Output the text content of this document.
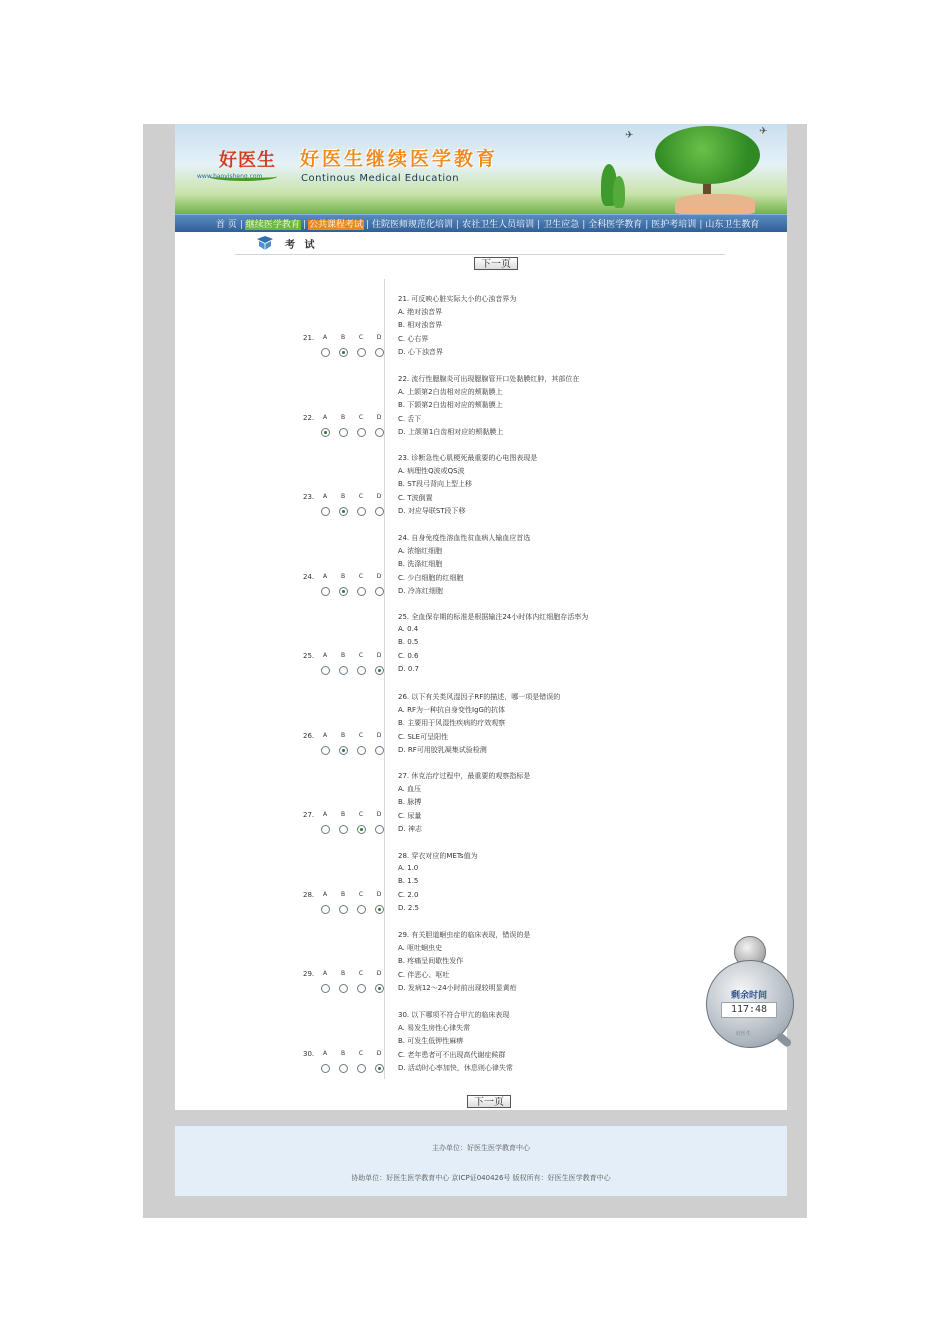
好医生
www.haoyisheng.com
好医生继续医学教育
Continous Medical Education
✈	✈
首 页 | 继续医学教育 | 公共课程考试 | 住院医师规范化培训 | 农社卫生人员培训 | 卫生应急 | 全科医学教育 | 医护考培训 | 山东卫生教育
考 试
下一页
21. 可反映心脏实际大小的心浊音界为
A. 绝对浊音界
B. 相对浊音界
C. 心右界
D. 心下浊音界
21.	A	B	C	D
22. 流行性腮腺炎可出现腮腺管开口处黏膜红肿，其部位在
A. 上颌第2白齿相对应的颊黏膜上
B. 下颌第2白齿相对应的颊黏膜上
C. 舌下
D. 上颌第1白齿相对应的颊黏膜上
22.	A	B	C	D
23. 诊断急性心肌梗死最重要的心电图表现是
A. 病理性Q波或QS波
B. ST段弓背向上型上移
C. T波倒置
D. 对应导联ST段下移
23.	A	B	C	D
24. 自身免疫性溶血性贫血病人输血应首选
A. 浓缩红细胞
B. 洗涤红细胞
C. 少白细胞的红细胞
D. 冷冻红细胞
24.	A	B	C	D
25. 全血保存期的标准是根据输注24小时体内红细胞存活率为
A. 0.4
B. 0.5
C. 0.6
D. 0.7
25.	A	B	C	D
26. 以下有关类风湿因子RF的描述，哪一项是错误的
A. RF为一种抗自身变性IgG的抗体
B. 主要用于风湿性疾病的疗效观察
C. SLE可呈阳性
D. RF可用胶乳凝集试验检测
26.	A	B	C	D
27. 休克治疗过程中，最重要的观察指标是
A. 血压
B. 脉搏
C. 尿量
D. 神志
27.	A	B	C	D
28. 穿衣对应的METs值为
A. 1.0
B. 1.5
C. 2.0
D. 2.5
28.	A	B	C	D
29. 有关胆道蛔虫症的临床表现，错误的是
A. 呕吐蛔虫史
B. 疼痛呈间歇性发作
C. 伴恶心、呕吐
D. 发病12～24小时前出现较明显黄疸
29.	A	B	C	D
30. 以下哪项不符合甲亢的临床表现
A. 易发生房性心律失常
B. 可发生低钾性麻痹
C. 老年患者可不出现高代谢症候群
D. 活动时心率加快，休息则心律失常
30.	A	B	C	D
下一页
剩余时间
117:48
好医生
主办单位：好医生医学教育中心
协助单位：好医生医学教育中心 京ICP证040426号 版权所有：好医生医学教育中心
